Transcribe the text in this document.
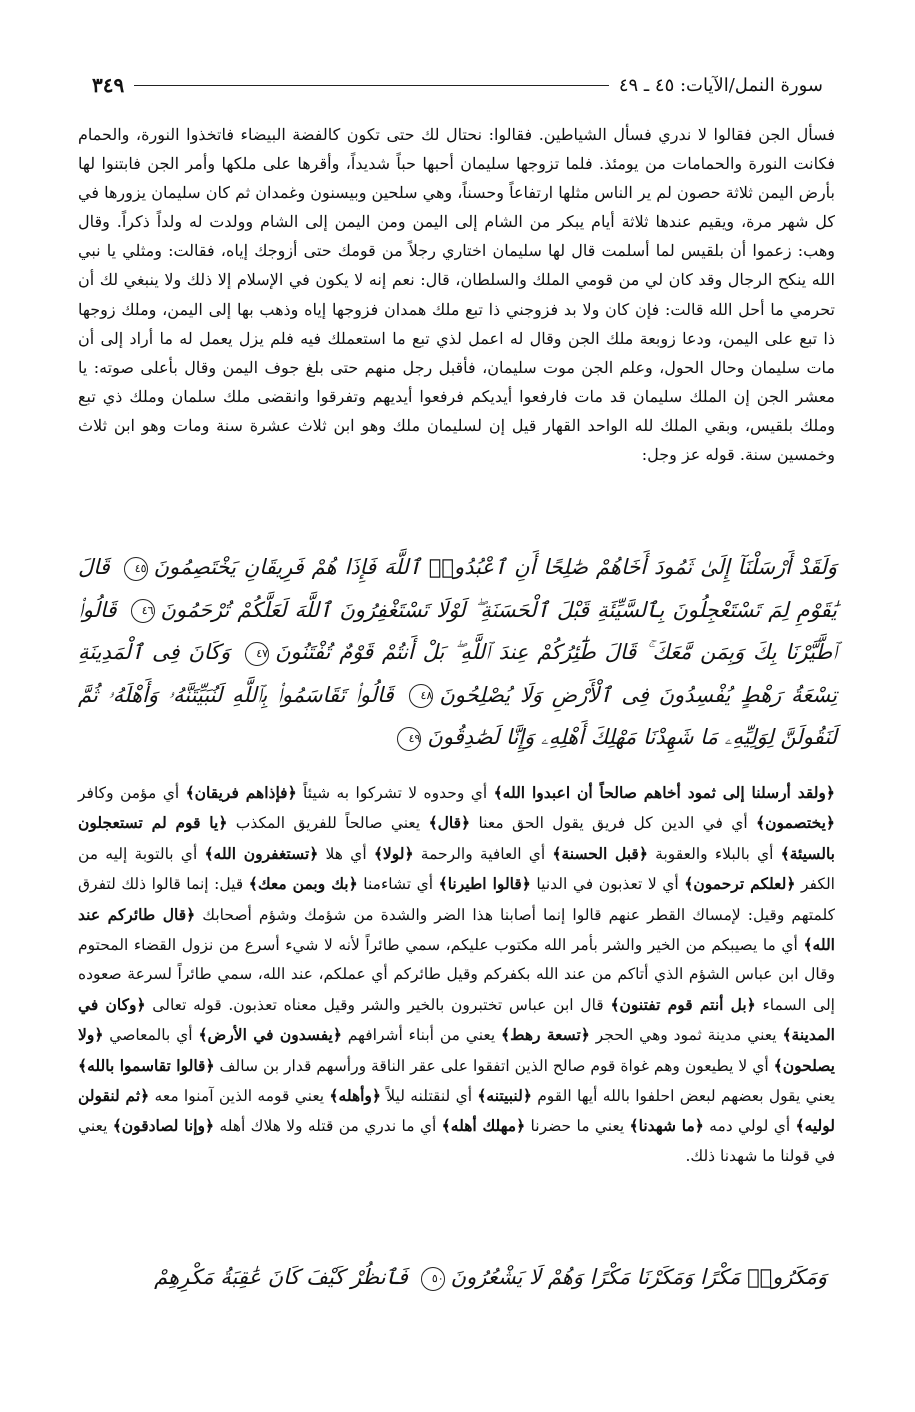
سورة النمل/الآيات: ٤٥ ـ ٤٩
٣٤٩

فسأل الجن فقالوا لا ندري فسأل الشياطين. فقالوا: نحتال لك حتى تكون كالفضة البيضاء فاتخذوا النورة، والحمام فكانت النورة والحمامات من يومئذ. فلما تزوجها سليمان أحبها حباً شديداً، وأقرها على ملكها وأمر الجن فابتنوا لها بأرض اليمن ثلاثة حصون لم ير الناس مثلها ارتفاعاً وحسناً، وهي سلحين وبيسنون وغمدان ثم كان سليمان يزورها في كل شهر مرة، ويقيم عندها ثلاثة أيام يبكر من الشام إلى اليمن ومن اليمن إلى الشام وولدت له ولداً ذكراً. وقال وهب: زعموا أن بلقيس لما أسلمت قال لها سليمان اختاري رجلاً من قومك حتى أزوجك إياه، فقالت: ومثلي يا نبي الله ينكح الرجال وقد كان لي من قومي الملك والسلطان، قال: نعم إنه لا يكون في الإسلام إلا ذلك ولا ينبغي لك أن تحرمي ما أحل الله قالت: فإن كان ولا بد فزوجني ذا تبع ملك همدان فزوجها إياه وذهب بها إلى اليمن، وملك زوجها ذا تبع على اليمن، ودعا زوبعة ملك الجن وقال له اعمل لذي تبع ما استعملك فيه فلم يزل يعمل له ما أراد إلى أن مات سليمان وحال الحول، وعلم الجن موت سليمان، فأقبل رجل منهم حتى بلغ جوف اليمن وقال بأعلى صوته: يا معشر الجن إن الملك سليمان قد مات فارفعوا أيديكم فرفعوا أيديهم وتفرقوا وانقضى ملك سلمان وملك ذي تبع وملك بلقيس، وبقي الملك لله الواحد القهار قيل إن لسليمان ملك وهو ابن ثلاث عشرة سنة ومات وهو ابن ثلاث وخمسين سنة. قوله عز وجل:

وَلَقَدْ أَرْسَلْنَآ إِلَىٰ ثَمُودَ أَخَاهُمْ صَٰلِحًا أَنِ ٱعْبُدُوا۟ ٱللَّهَ فَإِذَا هُمْ فَرِيقَانِ يَخْتَصِمُونَ٤٥ قَالَ يَٰقَوْمِ لِمَ تَسْتَعْجِلُونَ بِٱلسَّيِّئَةِ قَبْلَ ٱلْحَسَنَةِ ۖ لَوْلَا تَسْتَغْفِرُونَ ٱللَّهَ لَعَلَّكُمْ تُرْحَمُونَ٤٦ قَالُوا۟ ٱطَّيَّرْنَا بِكَ وَبِمَن مَّعَكَ ۚ قَالَ طَٰٓئِرُكُمْ عِندَ ٱللَّهِ ۖ بَلْ أَنتُمْ قَوْمٌ تُفْتَنُونَ٤٧ وَكَانَ فِى ٱلْمَدِينَةِ تِسْعَةُ رَهْطٍ يُفْسِدُونَ فِى ٱلْأَرْضِ وَلَا يُصْلِحُونَ٤٨ قَالُوا۟ تَقَاسَمُوا۟ بِٱللَّهِ لَنُبَيِّتَنَّهُۥ وَأَهْلَهُۥ ثُمَّ لَنَقُولَنَّ لِوَلِيِّهِۦ مَا شَهِدْنَا مَهْلِكَ أَهْلِهِۦ وَإِنَّا لَصَٰدِقُونَ٤٩

﴿ولقد أرسلنا إلى ثمود أخاهم صالحاً أن اعبدوا الله﴾ أي وحدوه لا تشركوا به شيئاً ﴿فإذاهم فريقان﴾ أي مؤمن وكافر ﴿يختصمون﴾ أي في الدين كل فريق يقول الحق معنا ﴿قال﴾ يعني صالحاً للفريق المكذب ﴿يا قوم لم تستعجلون بالسيئة﴾ أي بالبلاء والعقوبة ﴿قبل الحسنة﴾ أي العافية والرحمة ﴿لولا﴾ أي هلا ﴿تستغفرون الله﴾ أي بالتوبة إليه من الكفر ﴿لعلكم ترحمون﴾ أي لا تعذبون في الدنيا ﴿قالوا اطيرنا﴾ أي تشاءمنا ﴿بك وبمن معك﴾ قيل: إنما قالوا ذلك لتفرق كلمتهم وقيل: لإمساك القطر عنهم قالوا إنما أصابنا هذا الضر والشدة من شؤمك وشؤم أصحابك ﴿قال طائركم عند الله﴾ أي ما يصيبكم من الخير والشر بأمر الله مكتوب عليكم، سمي طائراً لأنه لا شيء أسرع من نزول القضاء المحتوم وقال ابن عباس الشؤم الذي أتاكم من عند الله بكفركم وقيل طائركم أي عملكم، عند الله، سمي طائراً لسرعة صعوده إلى السماء ﴿بل أنتم قوم تفتنون﴾ قال ابن عباس تختبرون بالخير والشر وقيل معناه تعذبون. قوله تعالى ﴿وكان في المدينة﴾ يعني مدينة ثمود وهي الحجر ﴿تسعة رهط﴾ يعني من أبناء أشرافهم ﴿يفسدون في الأرض﴾ أي بالمعاصي ﴿ولا يصلحون﴾ أي لا يطيعون وهم غواة قوم صالح الذين اتفقوا على عقر الناقة ورأسهم قدار بن سالف ﴿قالوا تقاسموا بالله﴾ يعني يقول بعضهم لبعض احلفوا بالله أيها القوم ﴿لنبيتنه﴾ أي لنقتلنه ليلاً ﴿وأهله﴾ يعني قومه الذين آمنوا معه ﴿ثم لنقولن لوليه﴾ أي لولي دمه ﴿ما شهدنا﴾ يعني ما حضرنا ﴿مهلك أهله﴾ أي ما ندري من قتله ولا هلاك أهله ﴿وإنا لصادقون﴾ يعني في قولنا ما شهدنا ذلك.

وَمَكَرُوا۟ مَكْرًا وَمَكَرْنَا مَكْرًا وَهُمْ لَا يَشْعُرُونَ٥٠ فَٱنظُرْ كَيْفَ كَانَ عَٰقِبَةُ مَكْرِهِمْ
